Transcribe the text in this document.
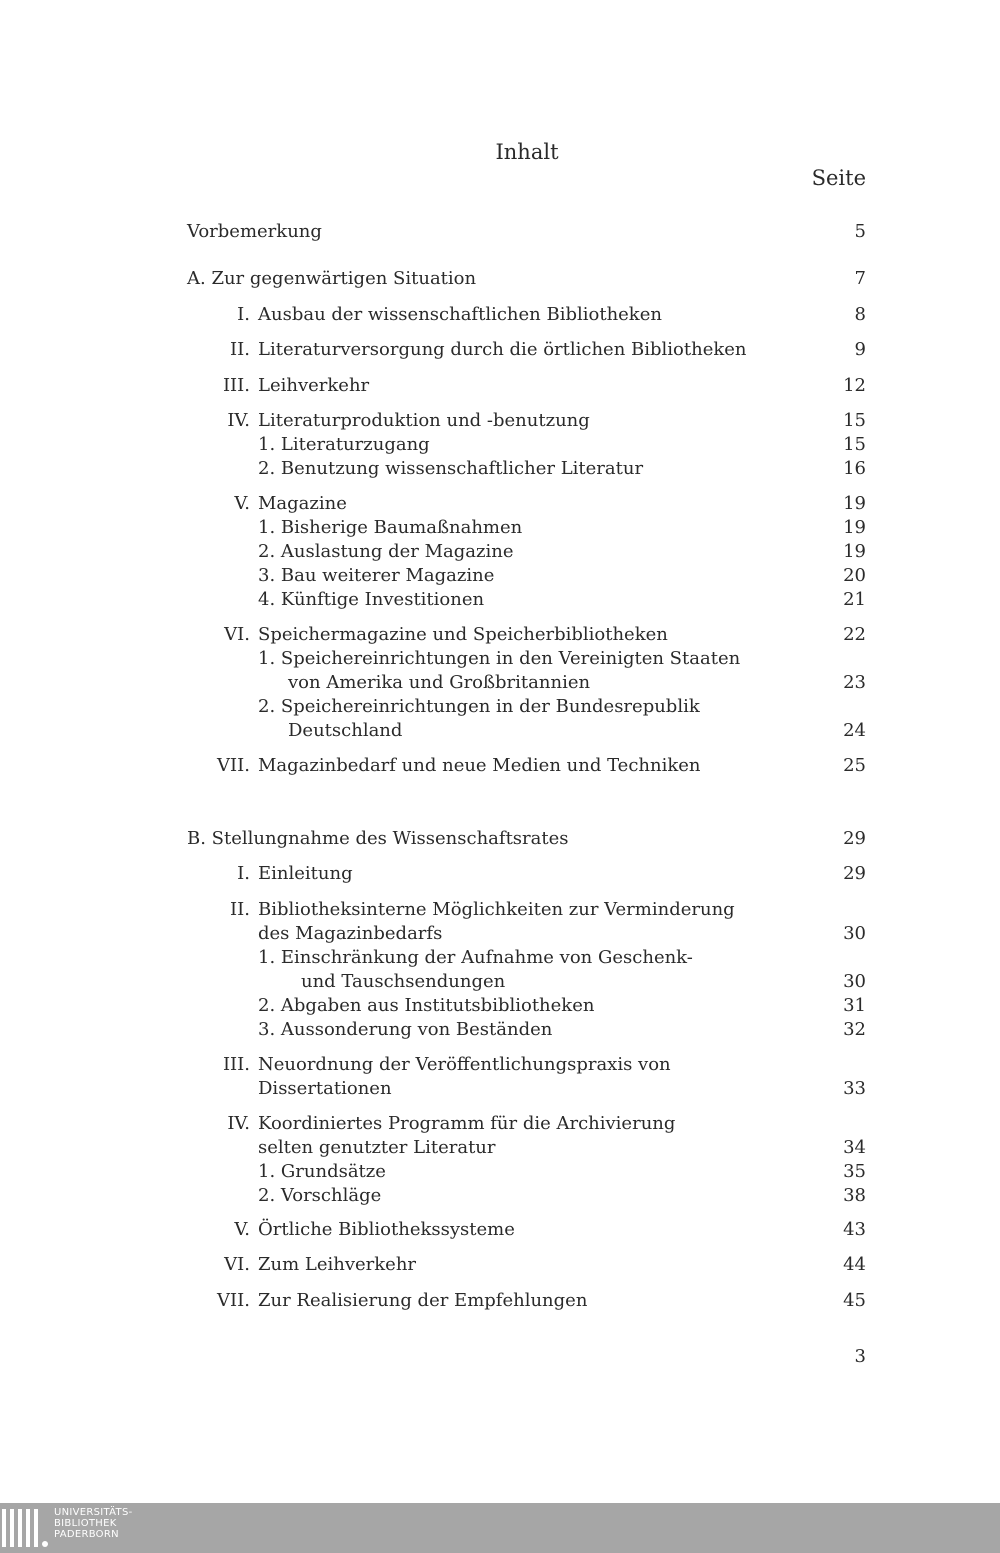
Inhalt
Seite
Vorbemerkung	5
A. Zur gegenwärtigen Situation	7
I. Ausbau der wissenschaftlichen Bibliotheken	8
II. Literaturversorgung durch die örtlichen Bibliotheken	9
III. Leihverkehr	12
IV. Literaturproduktion und -benutzung	15
1. Literaturzugang	15
2. Benutzung wissenschaftlicher Literatur	16
V. Magazine	19
1. Bisherige Baumaßnahmen	19
2. Auslastung der Magazine	19
3. Bau weiterer Magazine	20
4. Künftige Investitionen	21
VI. Speichermagazine und Speicherbibliotheken	22
1. Speichereinrichtungen in den Vereinigten Staaten
von Amerika und Großbritannien	23
2. Speichereinrichtungen in der Bundesrepublik
Deutschland	24
VII. Magazinbedarf und neue Medien und Techniken	25
B. Stellungnahme des Wissenschaftsrates	29
I. Einleitung	29
II. Bibliotheksinterne Möglichkeiten zur Verminderung
des Magazinbedarfs	30
1. Einschränkung der Aufnahme von Geschenk-
und Tauschsendungen	30
2. Abgaben aus Institutsbibliotheken	31
3. Aussonderung von Beständen	32
III. Neuordnung der Veröffentlichungspraxis von
Dissertationen	33
IV. Koordiniertes Programm für die Archivierung
selten genutzter Literatur	34
1. Grundsätze	35
2. Vorschläge	38
V. Örtliche Bibliothekssysteme	43
VI. Zum Leihverkehr	44
VII. Zur Realisierung der Empfehlungen	45
3
UNIVERSITÄTS-
BIBLIOTHEK
PADERBORN
